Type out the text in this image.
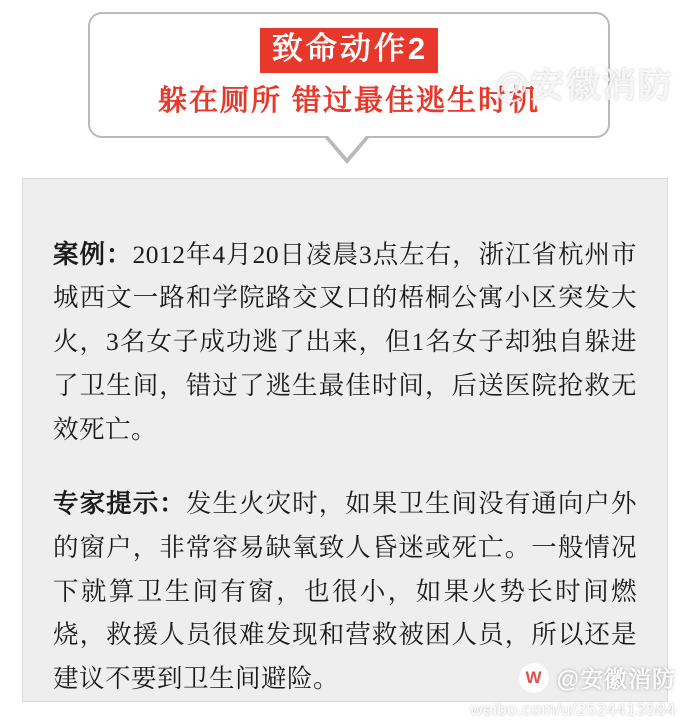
致命动作2
躲在厕所 错过最佳逃生时机
@安徽消防

案例：2012年4月20日凌晨3点左右，浙江省杭州市城西文一路和学院路交叉口的梧桐公寓小区突发大火，3名女子成功逃了出来，但1名女子却独自躲进了卫生间，错过了逃生最佳时间，后送医院抢救无效死亡。

专家提示：发生火灾时，如果卫生间没有通向户外的窗户，非常容易缺氧致人昏迷或死亡。一般情况下就算卫生间有窗，也很小，如果火势长时间燃烧，救援人员很难发现和营救被困人员，所以还是建议不要到卫生间避险。	W @安徽消防
weibo.com/u/2524413584
